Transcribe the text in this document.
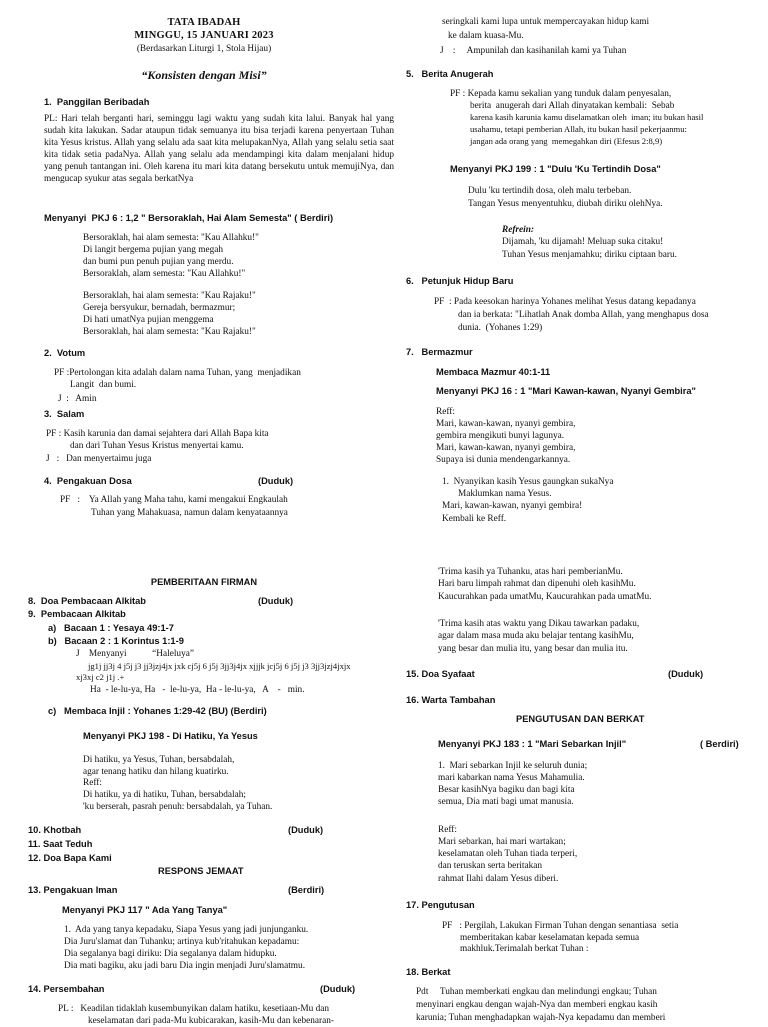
TATA IBADAH
MINGGU, 15 JANUARI 2023
(Berdasarkan Liturgi 1, Stola Hijau)
“Konsisten dengan Misi”
1.  Panggilan Beribadah
PL: Hari telah berganti hari, seminggu lagi waktu yang sudah kita lalui. Banyak hal yang sudah kita lakukan. Sadar ataupun tidak semuanya itu bisa terjadi karena penyertaan Tuhan kita Yesus kristus. Allah yang selalu ada saat kita melupakanNya, Allah yang selalu setia saat kita tidak setia padaNya. Allah yang selalu ada mendampingi kita dalam menjalani hidup yang penuh tantangan ini. Oleh karena itu mari kita datang bersekutu untuk memujiNya, dan mengucap syukur atas segala berkatNya
Menyanyi  PKJ 6 : 1,2 " Bersoraklah, Hai Alam Semesta" ( Berdiri)
Bersoraklah, hai alam semesta: "Kau Allahku!"
Di langit bergema pujian yang megah
dan bumi pun penuh pujian yang merdu.
Bersoraklah, alam semesta: "Kau Allahku!"
Bersoraklah, hai alam semesta: "Kau Rajaku!"
Gereja bersyukur, bernadah, bermazmur;
Di hati umatNya pujian menggema
Bersoraklah, hai alam semesta: "Kau Rajaku!"
2.  Votum
PF :Pertolongan kita adalah dalam nama Tuhan, yang  menjadikan
Langit  dan bumi.
J  :   Amin
3.  Salam
PF : Kasih karunia dan damai sejahtera dari Allah Bapa kita
dan dari Tuhan Yesus Kristus menyertai kamu.
J   :   Dan menyertaimu juga
4.  Pengakuan Dosa	(Duduk)
PF   :    Ya Allah yang Maha tahu, kami mengakui Engkaulah
Tuhan yang Mahakuasa, namun dalam kenyataannya
PEMBERITAAN FIRMAN
8.  Doa Pembacaan Alkitab	(Duduk)
9.  Pembacaan Alkitab
a)   Bacaan 1 : Yesaya 49:1-7
b)   Bacaan 2 : 1 Korintus 1:1-9
J    Menyanyi           “Haleluya”
jg1j jj3j 4 j5j j3 jj3jzj4jx jxk cj5j 6 j5j 3jj3j4jx xjjjk jcj5j 6 j5j j3 3jj3jzj4jxjx
xj3xj c2 j1j .+
Ha  - le-lu-ya, Ha   -  le-lu-ya,  Ha - le-lu-ya,   A    -   min.
c)   Membaca Injil : Yohanes 1:29-42 (BU) (Berdiri)
Menyanyi PKJ 198 - Di Hatiku, Ya Yesus
Di hatiku, ya Yesus, Tuhan, bersabdalah,
agar tenang hatiku dan hilang kuatirku.
Reff:
Di hatiku, ya di hatiku, Tuhan, bersabdalah;
'ku berserah, pasrah penuh: bersabdalah, ya Tuhan.
10. Khotbah	(Duduk)
11. Saat Teduh
12. Doa Bapa Kami
RESPONS JEMAAT
13. Pengakuan Iman	(Berdiri)
Menyanyi PKJ 117 " Ada Yang Tanya"
1.  Ada yang tanya kepadaku, Siapa Yesus yang jadi junjunganku.
Dia Juru'slamat dan Tuhanku; artinya kub'ritahukan kepadamu:
Dia segalanya bagi diriku: Dia segalanya dalam hidupku.
Dia mati bagiku, aku jadi baru Dia ingin menjadi Juru'slamatmu.
14. Persembahan	(Duduk)
PL :   Keadilan tidaklah kusembunyikan dalam hatiku, kesetiaan-Mu dan
keselamatan dari pada-Mu kubicarakan, kasih-Mu dan kebenaran-
seringkali kami lupa untuk mempercayakan hidup kami
ke dalam kuasa-Mu.
J    :     Ampunilah dan kasihanilah kami ya Tuhan
5.   Berita Anugerah
PF : Kepada kamu sekalian yang tunduk dalam penyesalan,
berita  anugerah dari Allah dinyatakan kembali:  Sebab
karena kasih karunia kamu diselamatkan oleh  iman; itu bukan hasil
usahamu, tetapi pemberian Allah, itu bukan hasil pekerjaanmu:
jangan ada orang yang  memegahkan diri (Efesus 2:8,9)
Menyanyi PKJ 199 : 1 "Dulu 'Ku Tertindih Dosa"
Dulu 'ku tertindih dosa, oleh malu terbeban.
Tangan Yesus menyentuhku, diubah diriku olehNya.
Refrein:
Dijamah, 'ku dijamah! Meluap suka citaku!
Tuhan Yesus menjamahku; diriku ciptaan baru.
6.   Petunjuk Hidup Baru
PF  : Pada keesokan harinya Yohanes melihat Yesus datang kepadanya
dan ia berkata: "Lihatlah Anak domba Allah, yang menghapus dosa
dunia.  (Yohanes 1:29)
7.   Bermazmur
Membaca Mazmur 40:1-11
Menyanyi PKJ 16 : 1 "Mari Kawan-kawan, Nyanyi Gembira"
Reff:
Mari, kawan-kawan, nyanyi gembira,
gembira mengikuti bunyi lagunya.
Mari, kawan-kawan, nyanyi gembira,
Supaya isi dunia mendengarkannya.
1.  Nyanyikan kasih Yesus gaungkan sukaNya
Maklumkan nama Yesus.
Mari, kawan-kawan, nyanyi gembira!
Kembali ke Reff.
'Trima kasih ya Tuhanku, atas hari pemberianMu.
Hari baru limpah rahmat dan dipenuhi oleh kasihMu.
Kaucurahkan pada umatMu, Kaucurahkan pada umatMu.
'Trima kasih atas waktu yang Dikau tawarkan padaku,
agar dalam masa muda aku belajar tentang kasihMu,
yang besar dan mulia itu, yang besar dan mulia itu.
15. Doa Syafaat	(Duduk)
16. Warta Tambahan
PENGUTUSAN DAN BERKAT
Menyanyi PKJ 183 : 1 "Mari Sebarkan Injil"	( Berdiri)
1.  Mari sebarkan Injil ke seluruh dunia;
mari kabarkan nama Yesus Mahamulia.
Besar kasihNya bagiku dan bagi kita
semua, Dia mati bagi umat manusia.
Reff:
Mari sebarkan, hai mari wartakan;
keselamatan oleh Tuhan tiada terperi,
dan teruskan serta beritakan
rahmat Ilahi dalam Yesus diberi.
17. Pengutusan
PF   : Pergilah, Lakukan Firman Tuhan dengan senantiasa  setia
memberitakan kabar keselamatan kepada semua
makhluk.Terimalah berkat Tuhan :
18. Berkat
Pdt     Tuhan memberkati engkau dan melindungi engkau; Tuhan
menyinari engkau dengan wajah-Nya dan memberi engkau kasih
karunia; Tuhan menghadapkan wajah-Nya kepadamu dan memberi
